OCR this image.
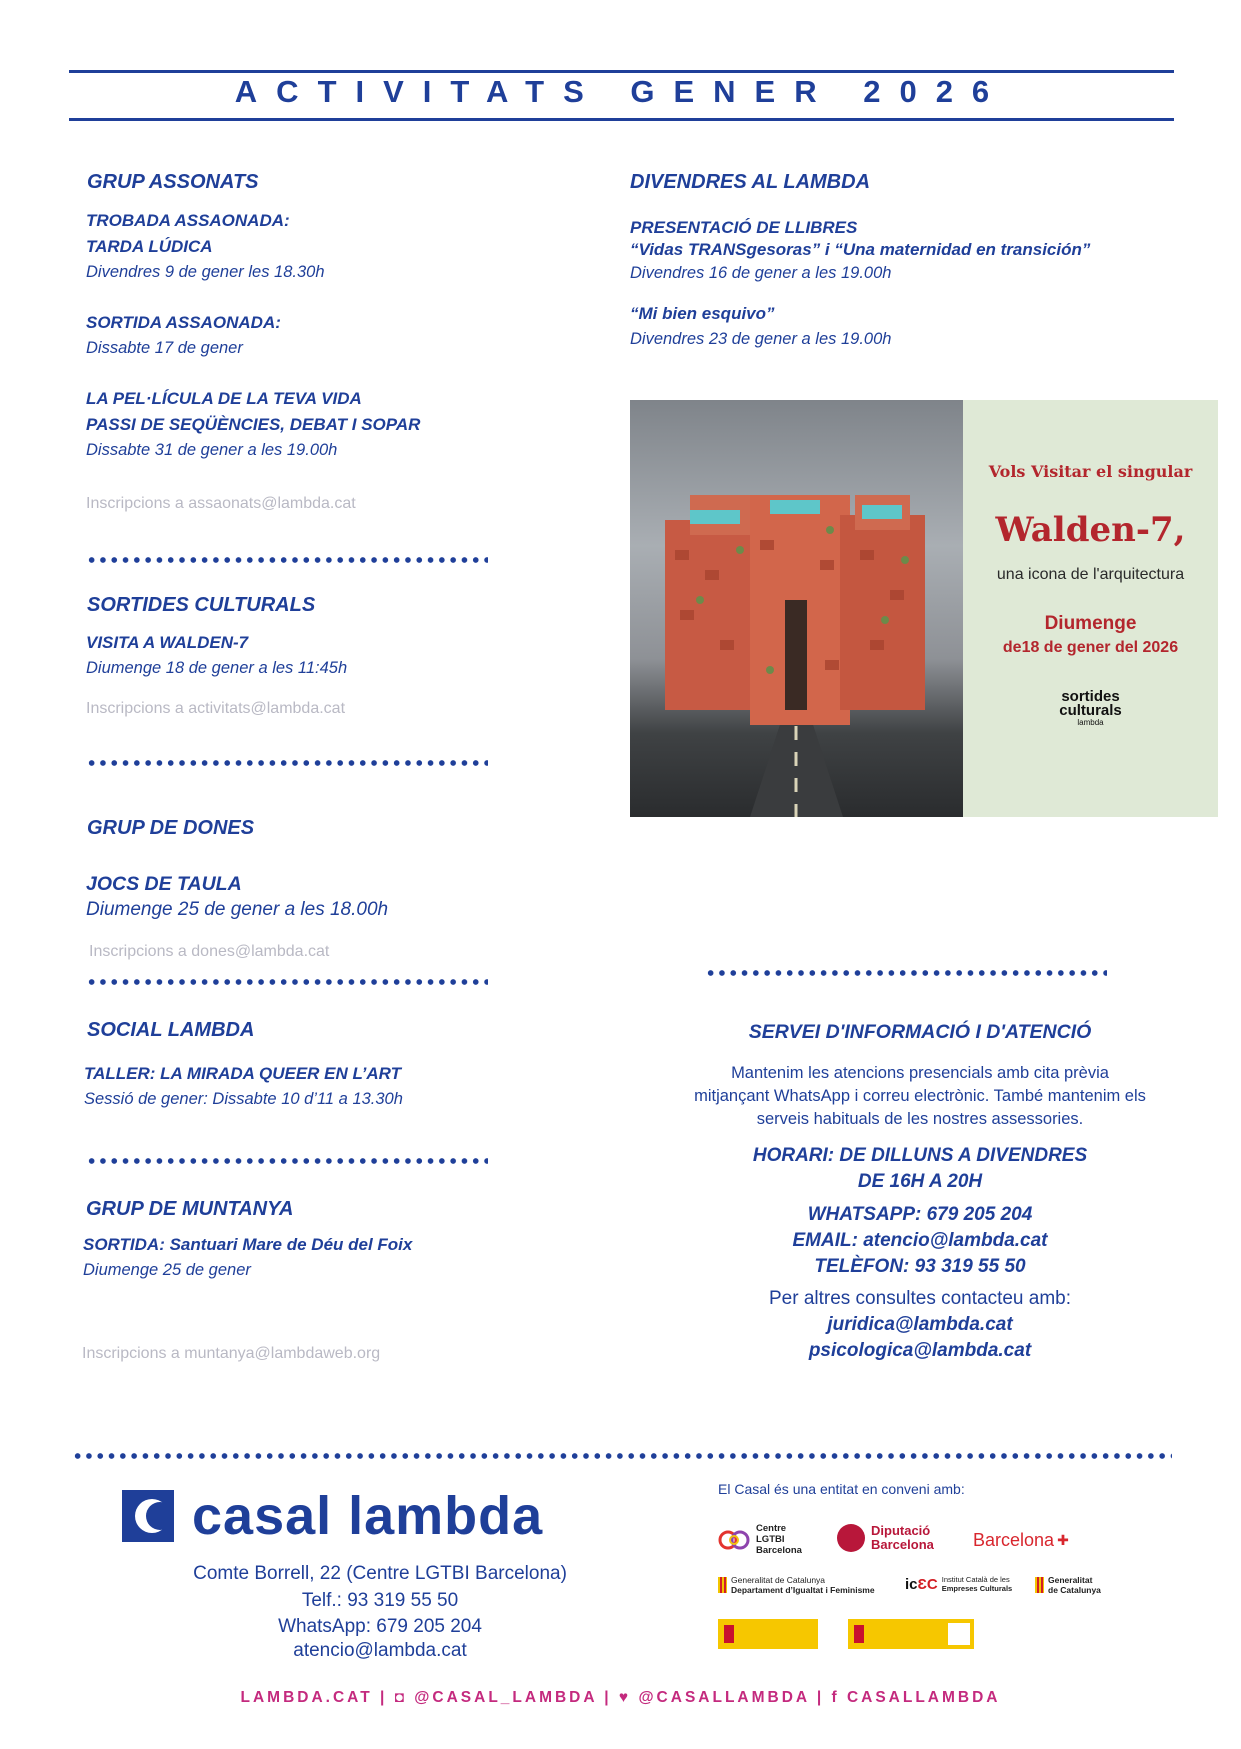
ACTIVITATS GENER 2026
GRUP ASSONATS
TROBADA ASSAONADA:
TARDA LÚDICA
Divendres 9 de gener les 18.30h
SORTIDA ASSAONADA:
Dissabte 17 de gener
LA PEL·LÍCULA DE LA TEVA VIDA
PASSI DE SEQÜÈNCIES, DEBAT I SOPAR
Dissabte 31 de gener a les 19.00h
Inscripcions a assaonats@lambda.cat
SORTIDES CULTURALS
VISITA A WALDEN-7
Diumenge 18 de gener a les 11:45h
Inscripcions a activitats@lambda.cat
GRUP DE DONES
JOCS DE TAULA
Diumenge 25 de gener a les 18.00h
Inscripcions a dones@lambda.cat
SOCIAL LAMBDA
TALLER: LA MIRADA QUEER EN L’ART
Sessió de gener: Dissabte 10 d’11 a 13.30h
GRUP DE MUNTANYA
SORTIDA: Santuari Mare de Déu del Foix
Diumenge 25 de gener
Inscripcions a muntanya@lambdaweb.org
DIVENDRES AL LAMBDA
PRESENTACIÓ DE LLIBRES
“Vidas TRANSgesoras” i “Una maternidad en transición”
Divendres 16 de gener a les 19.00h
“Mi bien esquivo”
Divendres 23 de gener a les 19.00h
Vols Visitar el singular
Walden-7,
una icona de l'arquitectura
Diumenge
de18 de gener del 2026
sortides
culturals
lambda
SERVEI D'INFORMACIÓ I D'ATENCIÓ
Mantenim les atencions presencials amb cita prèvia
mitjançant WhatsApp i correu electrònic. També mantenim els
serveis habituals de les nostres assessories.
HORARI: DE DILLUNS A DIVENDRES
DE 16H A 20H
WHATSAPP: 679 205 204
EMAIL: atencio@lambda.cat
TELÈFON: 93 319 55 50
Per altres consultes contacteu amb:
juridica@lambda.cat
psicologica@lambda.cat
casal lambda
Comte Borrell, 22 (Centre LGTBI Barcelona)
Telf.: 93 319 55 50
WhatsApp: 679 205 204
atencio@lambda.cat
El Casal és una entitat en conveni amb:
Centre
LGTBI
Barcelona
Diputació
Barcelona Barcelona ✚
Generalitat de Catalunya
Departament d’Igualtat i Feminisme icƐC Institut Català de les
Empreses Culturals
Generalitat
de Catalunya
LAMBDA.CAT | ◘ @CASAL_LAMBDA | ♥ @CASALLAMBDA | f CASALLAMBDA
